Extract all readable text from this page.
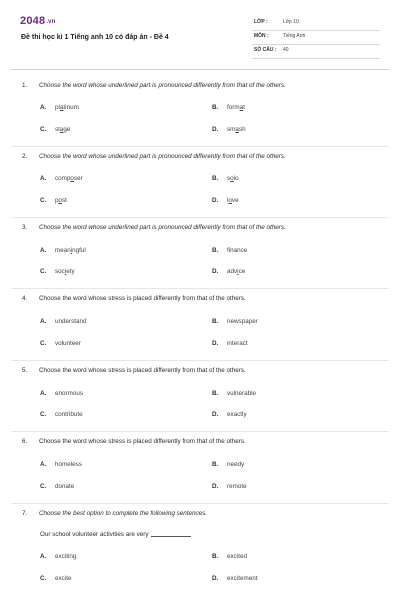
2048.vn
Đề thi học kì 1 Tiếng anh 10 có đáp án - Đề 4
LỚP :	Lớp 10
MÔN :	Tiếng Anh
SỐ CÂU : 40
1. Choose the word whose underlined part is pronounced differently from that of the others.
A. platinum	B. format
C. stage	D. smash
2. Choose the word whose underlined part is pronounced differently from that of the others.
A. composer	B. solo
C. post	D. love
3. Choose the word whose underlined part is pronounced differently from that of the others.
A. meaningful	B. finance
C. society	D. advice
4. Choose the word whose stress is placed differently from that of the others.
A. understand	B. newspaper
C. volunteer	D. interact
5. Choose the word whose stress is placed differently from that of the others.
A. enormous	B. vulnerable
C. contribute	D. exactly
6. Choose the word whose stress is placed differently from that of the others.
A. homeless	B. needy
C. donate	D. remote
7. Choose the best option to complete the following sentences.
Our school volunteer activities are very
A. exciting	B. excited
C. excite	D. excitement
